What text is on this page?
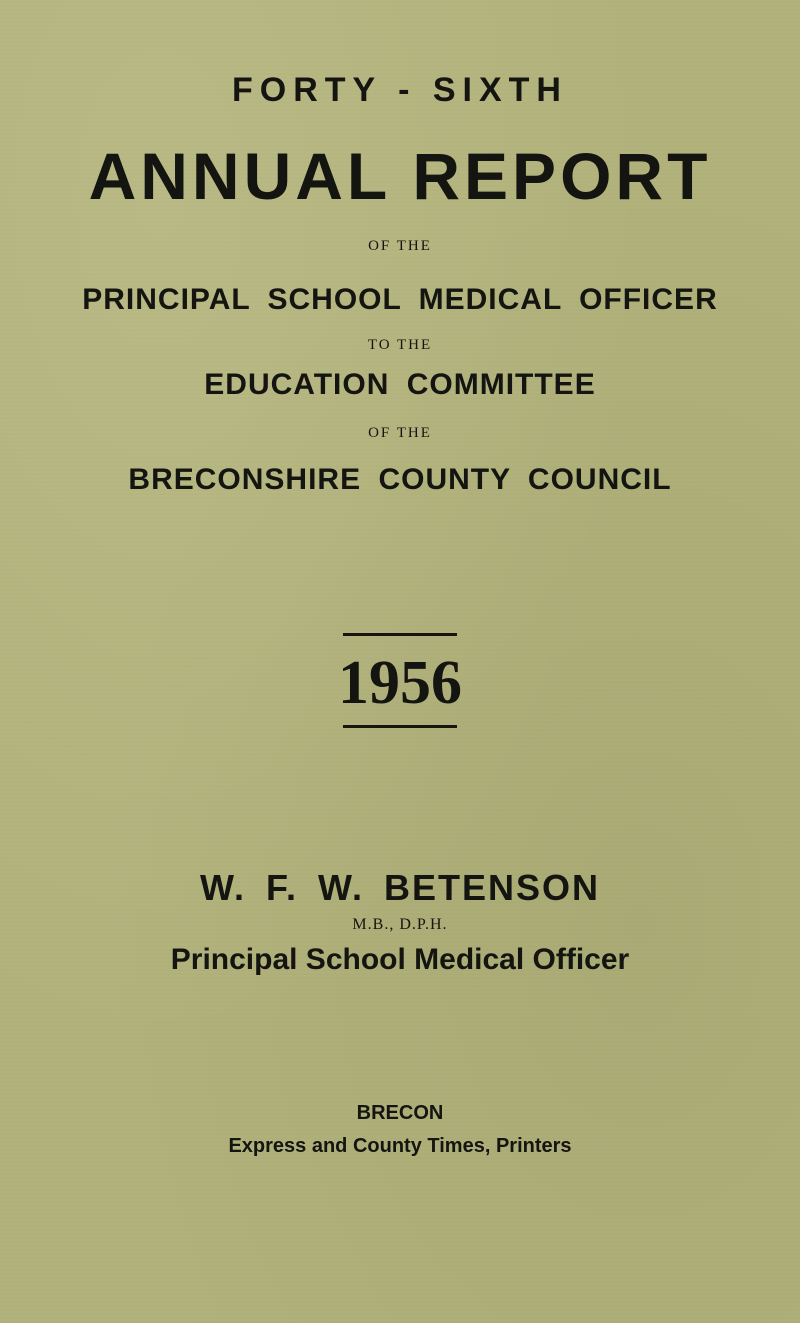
FORTY - SIXTH
ANNUAL REPORT
OF THE
PRINCIPAL SCHOOL MEDICAL OFFICER
TO THE
EDUCATION COMMITTEE
OF THE
BRECONSHIRE COUNTY COUNCIL
1956
W. F. W. BETENSON
M.B., D.P.H.
Principal School Medical Officer
BRECON
Express and County Times, Printers
